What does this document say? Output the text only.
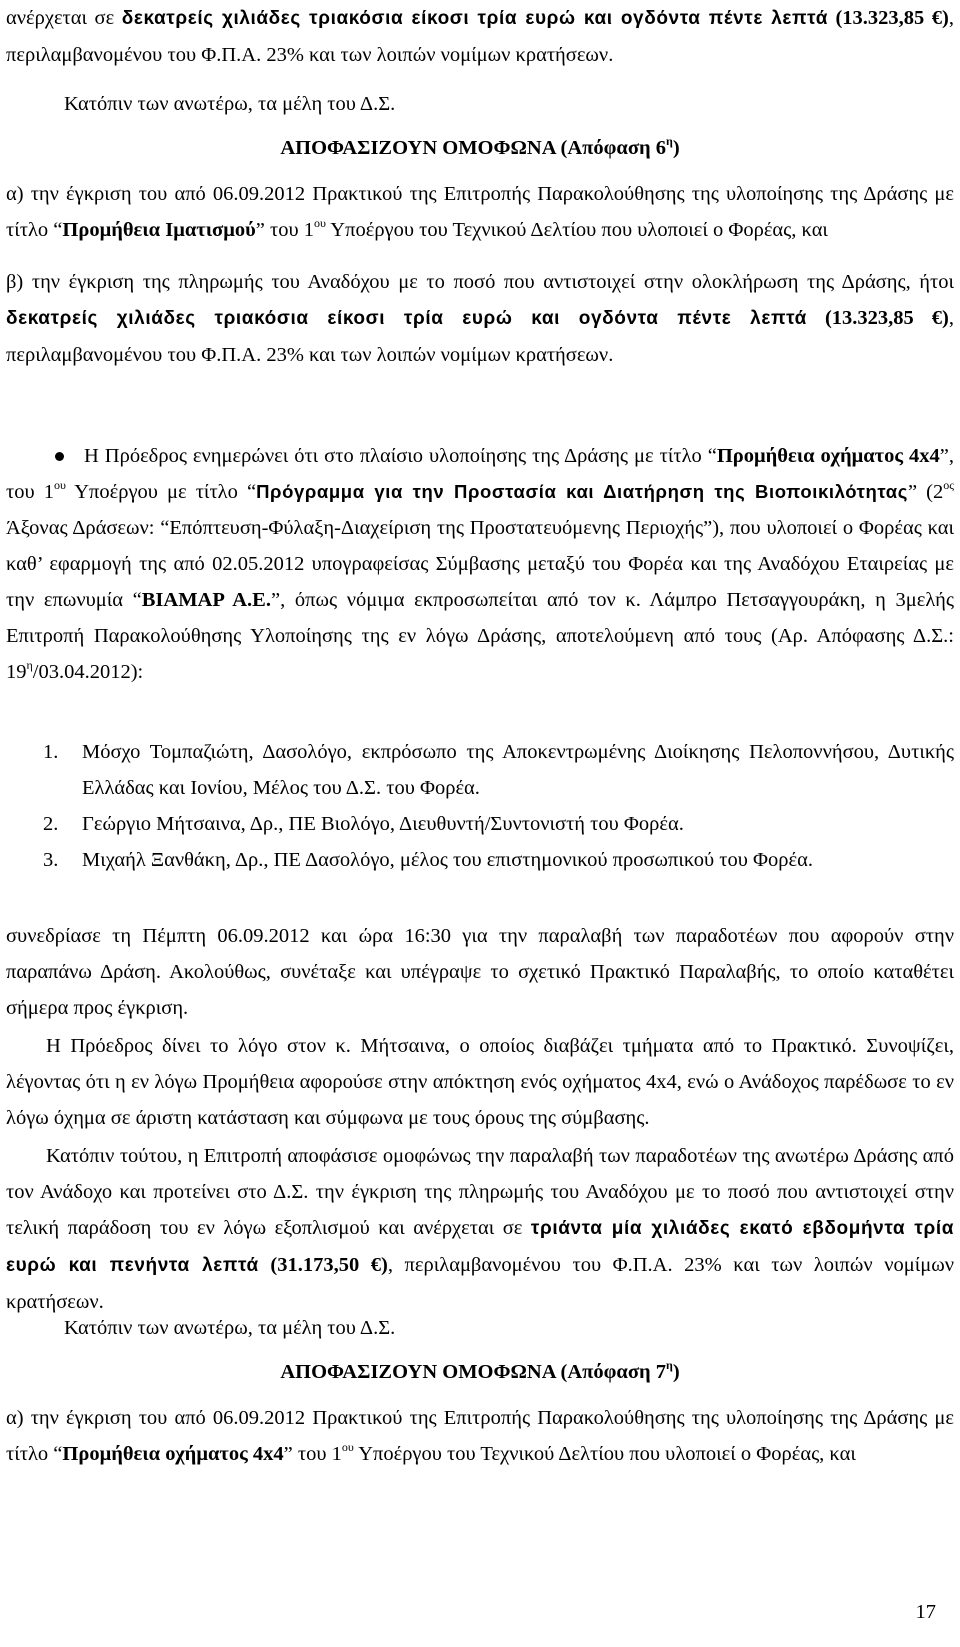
ανέρχεται σε δεκατρείς χιλιάδες τριακόσια είκοσι τρία ευρώ και ογδόντα πέντε λεπτά (13.323,85 €), περιλαμβανομένου του Φ.Π.Α. 23% και των λοιπών νομίμων κρατήσεων.

Κατόπιν των ανωτέρω, τα μέλη του Δ.Σ.

ΑΠΟΦΑΣΙΖΟΥΝ ΟΜΟΦΩΝΑ (Απόφαση $6^\eta$)

α) την έγκριση του από 06.09.2012 Πρακτικού της Επιτροπής Παρακολούθησης της υλοποίησης της Δράσης με τίτλο “Προμήθεια Ιματισμού” του $1^{o\upsilon}$ Υποέργου του Τεχνικού Δελτίου που υλοποιεί ο Φορέας, και

β) την έγκριση της πληρωμής του Αναδόχου με το ποσό που αντιστοιχεί στην ολοκλήρωση της Δράσης, ήτοι δεκατρείς χιλιάδες τριακόσια είκοσι τρία ευρώ και ογδόντα πέντε λεπτά (13.323,85 €), περιλαμβανομένου του Φ.Π.Α. 23% και των λοιπών νομίμων κρατήσεων.

Η Πρόεδρος ενημερώνει ότι στο πλαίσιο υλοποίησης της Δράσης με τίτλο “Προμήθεια οχήματος 4x4”, του $1^{o\upsilon}$ Υποέργου με τίτλο “Πρόγραμμα για την Προστασία και Διατήρηση της Βιοποικιλότητας” ($2^{o\varsigma}$ Άξονας Δράσεων: “Επόπτευση-Φύλαξη-Διαχείριση της Προστατευόμενης Περιοχής”), που υλοποιεί ο Φορέας και καθ’ εφαρμογή της από 02.05.2012 υπογραφείσας Σύμβασης μεταξύ του Φορέα και της Αναδόχου Εταιρείας με την επωνυμία “ΒΙΑΜΑΡ Α.Ε.”, όπως νόμιμα εκπροσωπείται από τον κ. Λάμπρο Πετσαγγουράκη, η 3μελής Επιτροπή Παρακολούθησης Υλοποίησης της εν λόγω Δράσης, αποτελούμενη από τους (Αρ. Απόφασης Δ.Σ.: $19^\eta/03.04.2012$):

1. Μόσχο Τομπαζιώτη, Δασολόγο, εκπρόσωπο της Αποκεντρωμένης Διοίκησης Πελοποννήσου, Δυτικής Ελλάδας και Ιονίου, Μέλος του Δ.Σ. του Φορέα.
2. Γεώργιο Μήτσαινα, Δρ., ΠΕ Βιολόγο, Διευθυντή/Συντονιστή του Φορέα.
3. Μιχαήλ Ξανθάκη, Δρ., ΠΕ Δασολόγο, μέλος του επιστημονικού προσωπικού του Φορέα.

συνεδρίασε τη Πέμπτη 06.09.2012 και ώρα 16:30 για την παραλαβή των παραδοτέων που αφορούν στην παραπάνω Δράση. Ακολούθως, συνέταξε και υπέγραψε το σχετικό Πρακτικό Παραλαβής, το οποίο καταθέτει σήμερα προς έγκριση.

Η Πρόεδρος δίνει το λόγο στον κ. Μήτσαινα, ο οποίος διαβάζει τμήματα από το Πρακτικό. Συνοψίζει, λέγοντας ότι η εν λόγω Προμήθεια αφορούσε στην απόκτηση ενός οχήματος 4x4, ενώ ο Ανάδοχος παρέδωσε το εν λόγω όχημα σε άριστη κατάσταση και σύμφωνα με τους όρους της σύμβασης.

Κατόπιν τούτου, η Επιτροπή αποφάσισε ομοφώνως την παραλαβή των παραδοτέων της ανωτέρω Δράσης από τον Ανάδοχο και προτείνει στο Δ.Σ. την έγκριση της πληρωμής του Αναδόχου με το ποσό που αντιστοιχεί στην τελική παράδοση του εν λόγω εξοπλισμού και ανέρχεται σε τριάντα μία χιλιάδες εκατό εβδομήντα τρία ευρώ και πενήντα λεπτά (31.173,50 €), περιλαμβανομένου του Φ.Π.Α. 23% και των λοιπών νομίμων κρατήσεων.

Κατόπιν των ανωτέρω, τα μέλη του Δ.Σ.

ΑΠΟΦΑΣΙΖΟΥΝ ΟΜΟΦΩΝΑ (Απόφαση $7^\eta$)

α) την έγκριση του από 06.09.2012 Πρακτικού της Επιτροπής Παρακολούθησης της υλοποίησης της Δράσης με τίτλο “Προμήθεια οχήματος 4x4” του $1^{o\upsilon}$ Υποέργου του Τεχνικού Δελτίου που υλοποιεί ο Φορέας, και

17
